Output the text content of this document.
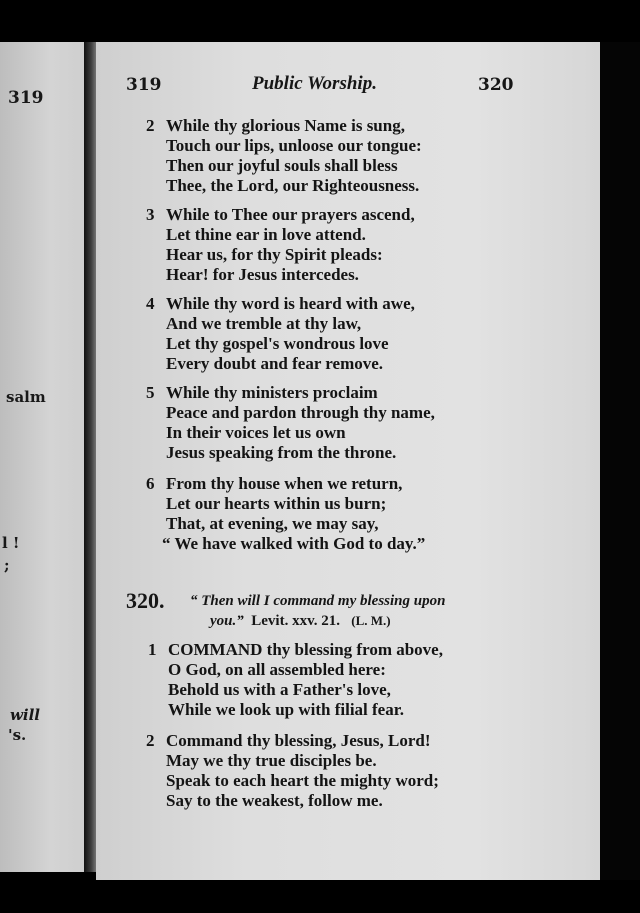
319
salm
l !
;
will
's.
319	Public Worship.	320
2 While thy glorious Name is sung,
Touch our lips, unloose our tongue:
Then our joyful souls shall bless
Thee, the Lord, our Righteousness.
3 While to Thee our prayers ascend,
Let thine ear in love attend.
Hear us, for thy Spirit pleads:
Hear! for Jesus intercedes.
4 While thy word is heard with awe,
And we tremble at thy law,
Let thy gospel's wondrous love
Every doubt and fear remove.
5 While thy ministers proclaim
Peace and pardon through thy name,
In their voices let us own
Jesus speaking from the throne.
6 From thy house when we return,
Let our hearts within us burn;
That, at evening, we may say,
“ We have walked with God to day.”
320. “ Then will I command my blessing upon
you.” Levit. xxv. 21. (L. M.)
1 COMMAND thy blessing from above,
O God, on all assembled here:
Behold us with a Father's love,
While we look up with filial fear.
2 Command thy blessing, Jesus, Lord!
May we thy true disciples be.
Speak to each heart the mighty word;
Say to the weakest, follow me.
